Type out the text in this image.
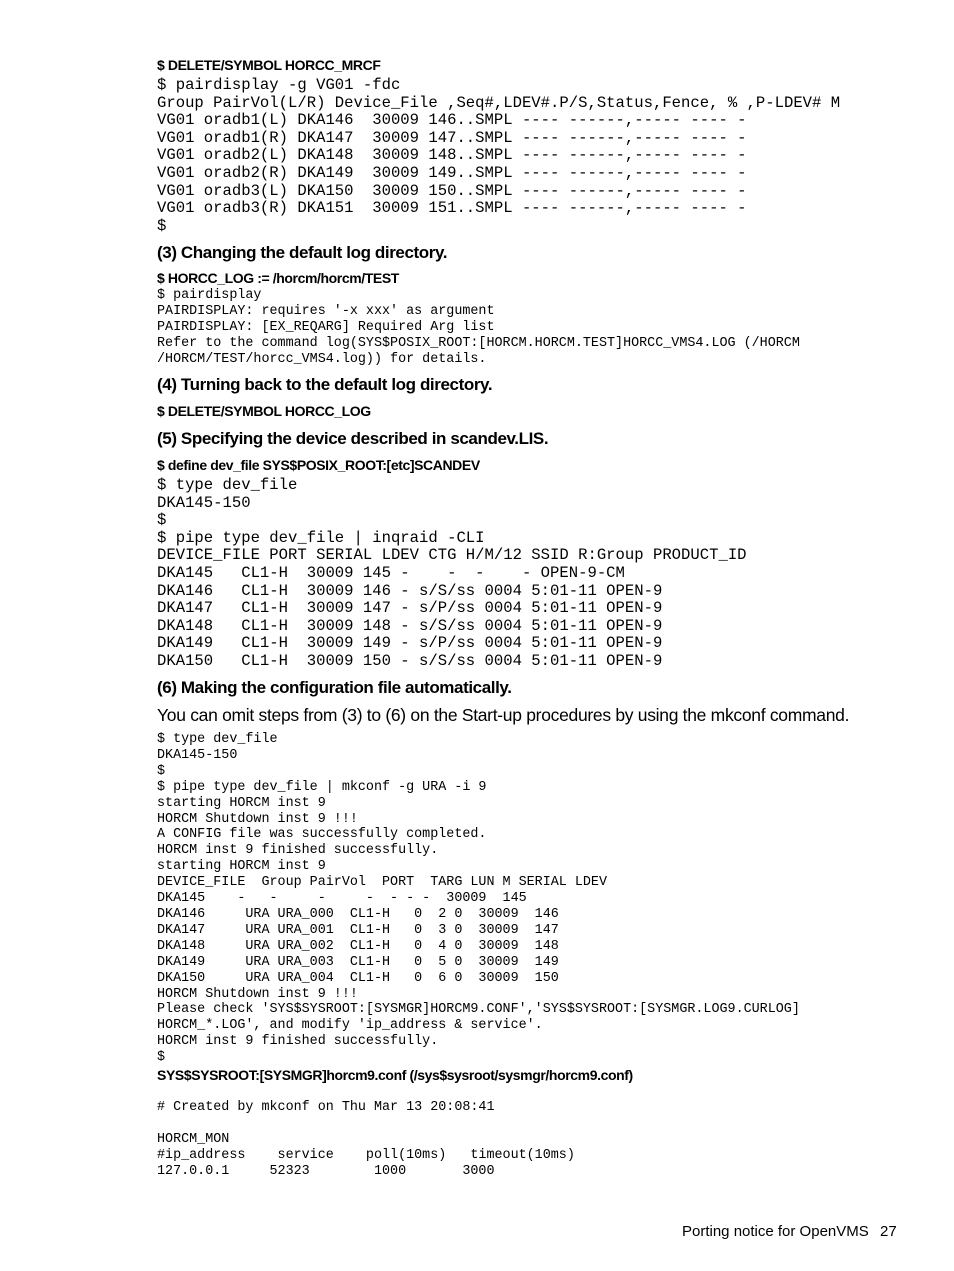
$ DELETE/SYMBOL HORCC_MRCF
$ pairdisplay -g VG01 -fdc
Group PairVol(L/R) Device_File ,Seq#,LDEV#.P/S,Status,Fence, % ,P-LDEV# M
VG01 oradb1(L) DKA146  30009 146..SMPL ---- ------,----- ---- -
VG01 oradb1(R) DKA147  30009 147..SMPL ---- ------,----- ---- -
VG01 oradb2(L) DKA148  30009 148..SMPL ---- ------,----- ---- -
VG01 oradb2(R) DKA149  30009 149..SMPL ---- ------,----- ---- -
VG01 oradb3(L) DKA150  30009 150..SMPL ---- ------,----- ---- -
VG01 oradb3(R) DKA151  30009 151..SMPL ---- ------,----- ---- -
$
(3) Changing the default log directory.
$ HORCC_LOG := /horcm/horcm/TEST
$ pairdisplay
PAIRDISPLAY: requires '-x xxx' as argument
PAIRDISPLAY: [EX_REQARG] Required Arg list
Refer to the command log(SYS$POSIX_ROOT:[HORCM.HORCM.TEST]HORCC_VMS4.LOG (/HORCM
/HORCM/TEST/horcc_VMS4.log)) for details.
(4) Turning back to the default log directory.
$ DELETE/SYMBOL HORCC_LOG
(5) Specifying the device described in scandev.LIS.
$ define dev_file SYS$POSIX_ROOT:[etc]SCANDEV
$ type dev_file
DKA145-150
$
$ pipe type dev_file | inqraid -CLI
DEVICE_FILE PORT SERIAL LDEV CTG H/M/12 SSID R:Group PRODUCT_ID
DKA145   CL1-H  30009 145 -    -  -    - OPEN-9-CM
DKA146   CL1-H  30009 146 - s/S/ss 0004 5:01-11 OPEN-9
DKA147   CL1-H  30009 147 - s/P/ss 0004 5:01-11 OPEN-9
DKA148   CL1-H  30009 148 - s/S/ss 0004 5:01-11 OPEN-9
DKA149   CL1-H  30009 149 - s/P/ss 0004 5:01-11 OPEN-9
DKA150   CL1-H  30009 150 - s/S/ss 0004 5:01-11 OPEN-9
(6) Making the configuration file automatically.
You can omit steps from (3) to (6) on the Start-up procedures by using the mkconf command.
$ type dev_file
DKA145-150
$
$ pipe type dev_file | mkconf -g URA -i 9
starting HORCM inst 9
HORCM Shutdown inst 9 !!!
A CONFIG file was successfully completed.
HORCM inst 9 finished successfully.
starting HORCM inst 9
DEVICE_FILE  Group PairVol  PORT  TARG LUN M SERIAL LDEV
DKA145    -   -     -     -  - - -  30009  145
DKA146     URA URA_000  CL1-H   0  2 0  30009  146
DKA147     URA URA_001  CL1-H   0  3 0  30009  147
DKA148     URA URA_002  CL1-H   0  4 0  30009  148
DKA149     URA URA_003  CL1-H   0  5 0  30009  149
DKA150     URA URA_004  CL1-H   0  6 0  30009  150
HORCM Shutdown inst 9 !!!
Please check 'SYS$SYSROOT:[SYSMGR]HORCM9.CONF','SYS$SYSROOT:[SYSMGR.LOG9.CURLOG]
HORCM_*.LOG', and modify 'ip_address & service'.
HORCM inst 9 finished successfully.
$
SYS$SYSROOT:[SYSMGR]horcm9.conf (/sys$sysroot/sysmgr/horcm9.conf)
# Created by mkconf on Thu Mar 13 20:08:41

HORCM_MON
#ip_address    service    poll(10ms)   timeout(10ms)
127.0.0.1     52323        1000       3000
Porting notice for OpenVMS 27
